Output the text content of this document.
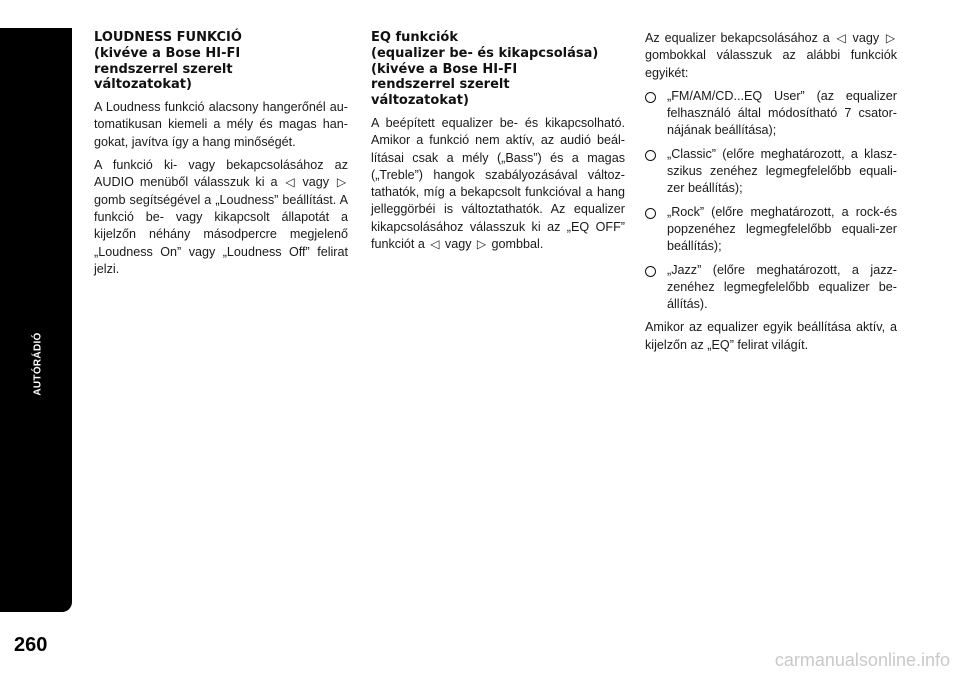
AUTÓRÁDIÓ
260
LOUDNESS FUNKCIÓ
(kivéve a Bose HI-FI
rendszerrel szerelt
változatokat)

A Loudness funkció alacsony hangerőnél au-tomatikusan kiemeli a mély és magas han-gokat, javítva így a hang minőségét.

A funkció ki- vagy bekapcsolásához az AUDIO menüből válasszuk ki a ◁ vagy ▷ gomb segítségével a „Loudness” beállítást. A funkció be- vagy kikapcsolt állapotát a kijelzőn néhány másodpercre megjelenő „Loudness On” vagy „Loudness Off” felirat jelzi.

EQ funkciók
(equalizer be- és kikapcsolása)
(kivéve a Bose HI-FI
rendszerrel szerelt
változatokat)

A beépített equalizer be- és kikapcsolható. Amikor a funkció nem aktív, az audió beál-lításai csak a mély („Bass”) és a magas („Treble”) hangok szabályozásával változ-tathatók, míg a bekapcsolt funkcióval a hang jelleggörbéi is változtathatók. Az equalizer kikapcsolásához válasszuk ki az „EQ OFF” funkciót a ◁ vagy ▷ gombbal.

Az equalizer bekapcsolásához a ◁ vagy ▷ gombokkal válasszuk az alábbi funkciók egyikét:

„FM/AM/CD...EQ User” (az equalizer felhasználó által módosítható 7 csator-nájának beállítása);
„Classic” (előre meghatározott, a klasz-szikus zenéhez legmegfelelőbb equali-zer beállítás);
„Rock” (előre meghatározott, a rock-és popzenéhez legmegfelelőbb equali-zer beállítás);
„Jazz” (előre meghatározott, a jazz-zenéhez legmegfelelőbb equalizer be-állítás).

Amikor az equalizer egyik beállítása aktív, a kijelzőn az „EQ” felirat világít.

carmanualsonline.info
